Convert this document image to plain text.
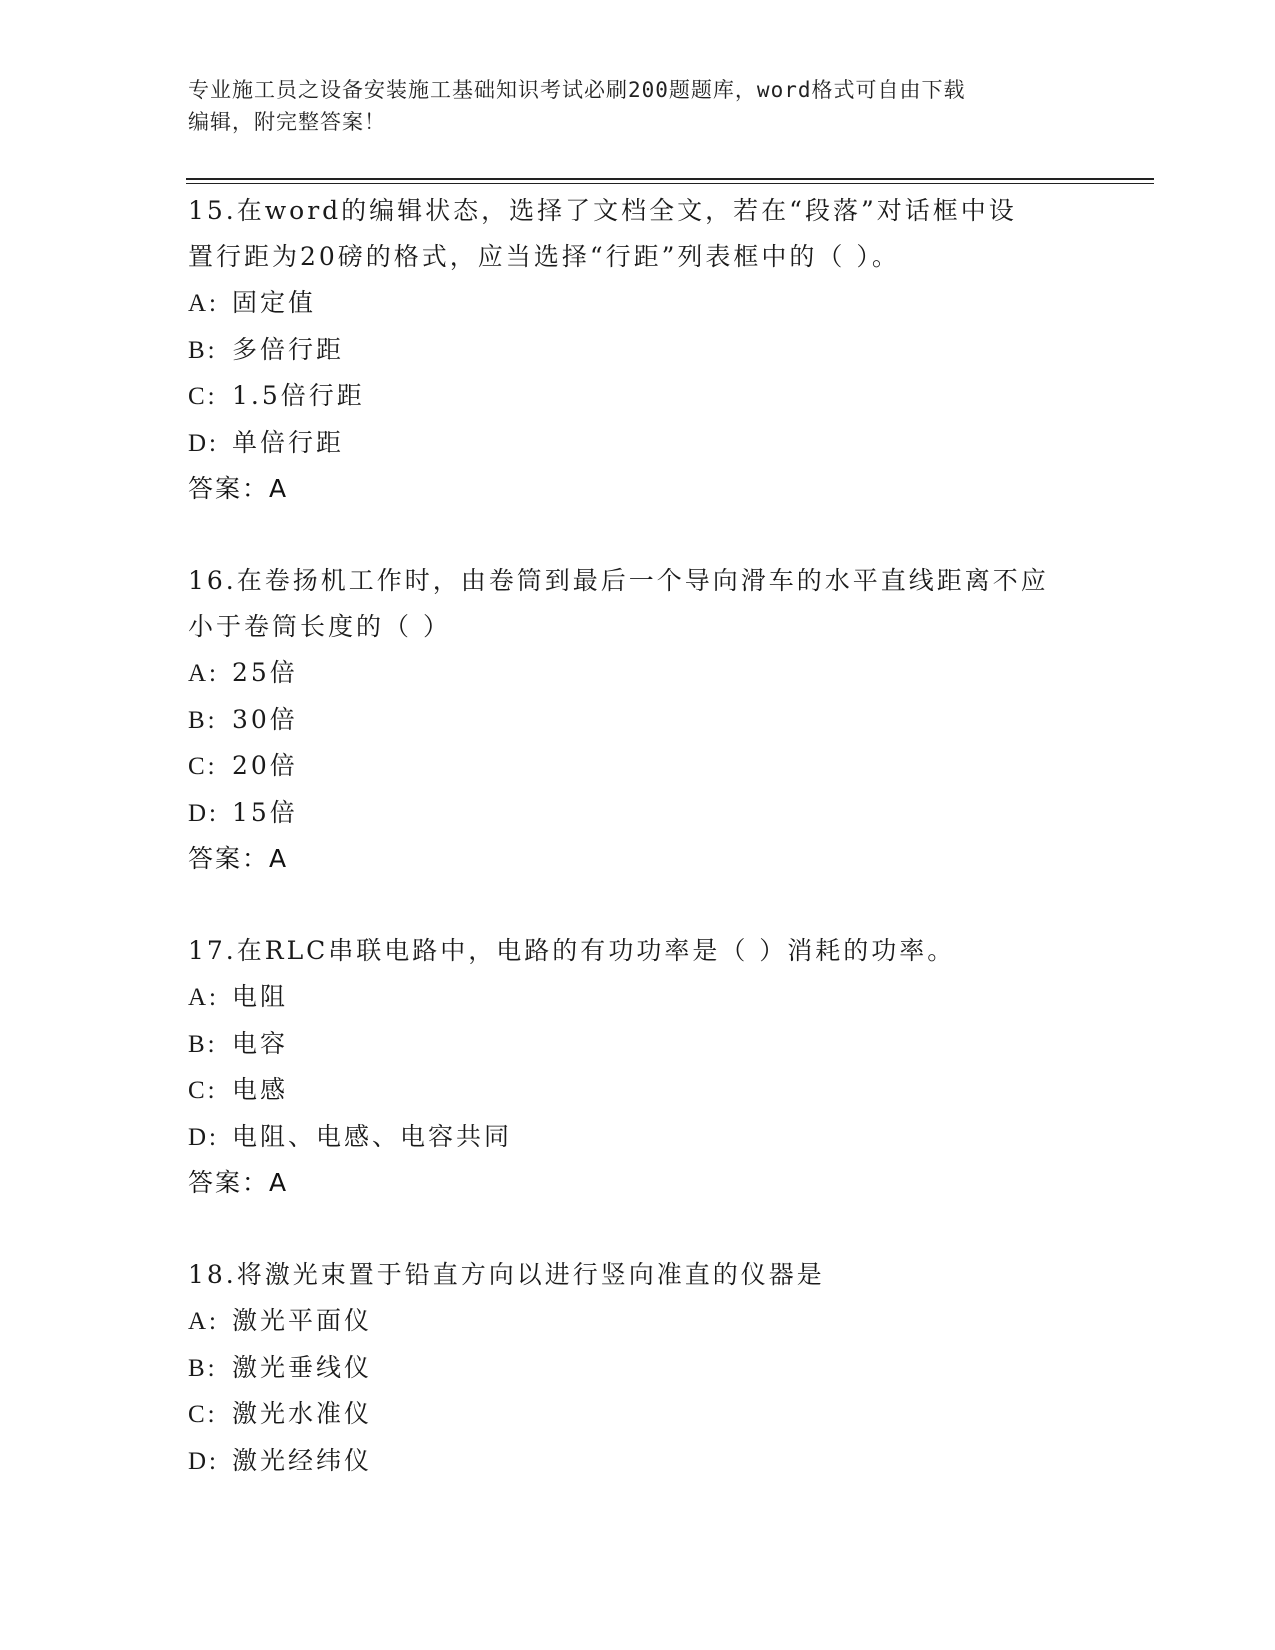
专业施工员之设备安装施工基础知识考试必刷200题题库，word格式可自由下载
编辑，附完整答案！
15.在word的编辑状态，选择了文档全文，若在“段落”对话框中设
置行距为20磅的格式，应当选择“行距”列表框中的（ ）。
A: 固定值
B: 多倍行距
C: 1.5倍行距
D: 单倍行距
答案：A
16.在卷扬机工作时，由卷筒到最后一个导向滑车的水平直线距离不应
小于卷筒长度的（ ）
A: 25倍
B: 30倍
C: 20倍
D: 15倍
答案：A
17.在RLC串联电路中，电路的有功功率是（ ）消耗的功率。
A: 电阻
B: 电容
C: 电感
D: 电阻、电感、电容共同
答案：A
18.将激光束置于铅直方向以进行竖向准直的仪器是
A: 激光平面仪
B: 激光垂线仪
C: 激光水准仪
D: 激光经纬仪
